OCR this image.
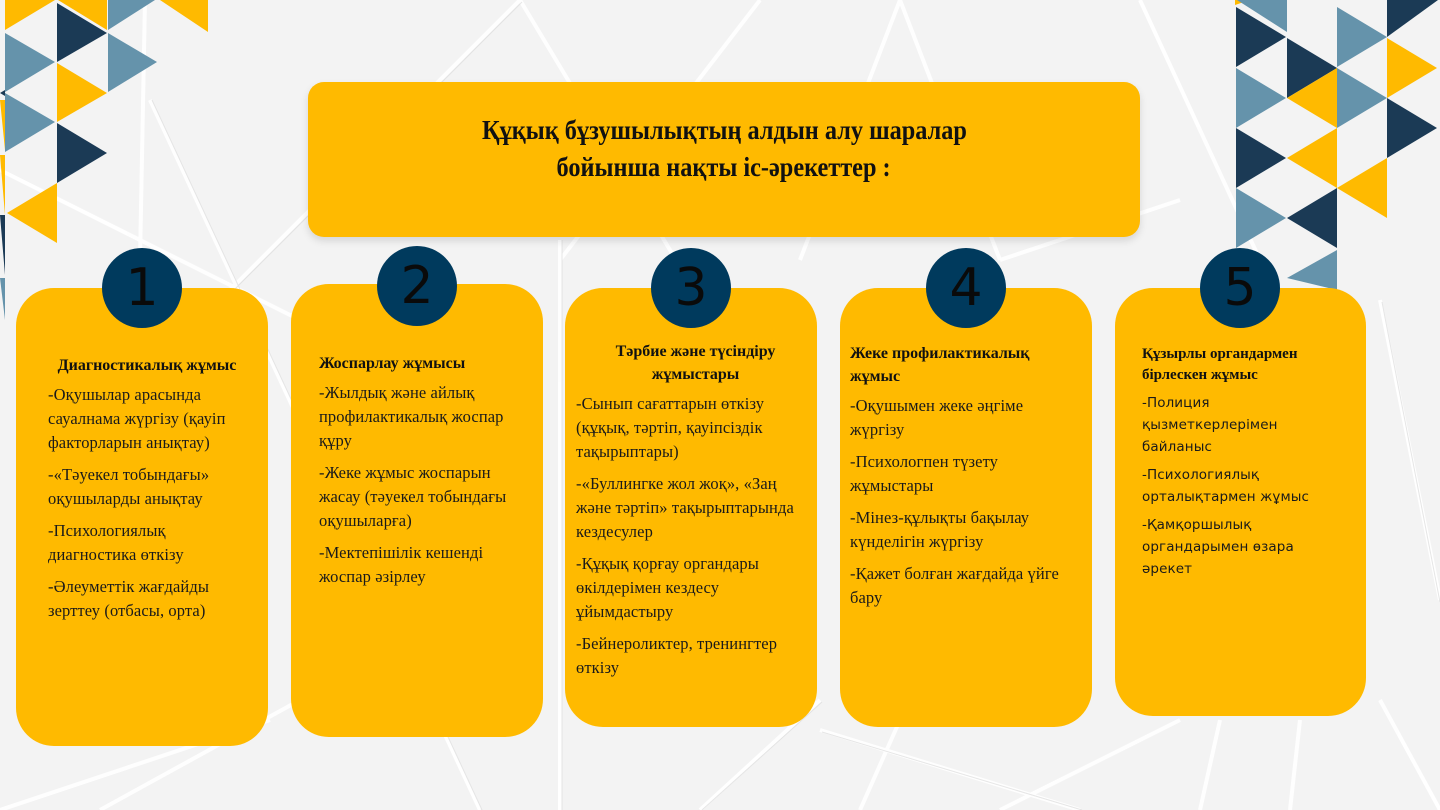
Құқық бұзушылықтың алдын алу шаралар
бойынша нақты іс-әрекеттер :
1	2	3	4	5
Диагностикалық жұмыс
-Оқушылар арасында сауалнама жүргізу (қауіп факторларын анықтау)
-«Тәуекел тобындағы» оқушыларды анықтау
-Психологиялық диагностика өткізу
-Әлеуметтік жағдайды зерттеу (отбасы, орта)
Жоспарлау жұмысы
-Жылдық және айлық профилактикалық жоспар құру
-Жеке жұмыс жоспарын жасау (тәуекел тобындағы оқушыларға)
-Мектепішілік кешенді жоспар әзірлеу
Тәрбие және түсіндіру жұмыстары
-Сынып сағаттарын өткізу (құқық, тәртіп, қауіпсіздік тақырыптары)
-«Буллингке жол жоқ», «Заң және тәртіп» тақырыптарында кездесулер
-Құқық қорғау органдары өкілдерімен кездесу ұйымдастыру
-Бейнероликтер, тренингтер өткізу
Жеке профилактикалық жұмыс
-Оқушымен жеке әңгіме жүргізу
-Психологпен түзету жұмыстары
-Мінез-құлықты бақылау күнделігін жүргізу
-Қажет болған жағдайда үйге бару
Құзырлы органдармен бірлескен жұмыс
-Полиция қызметкерлерімен байланыс
-Психологиялық орталықтармен жұмыс
-Қамқоршылық органдарымен өзара әрекет
